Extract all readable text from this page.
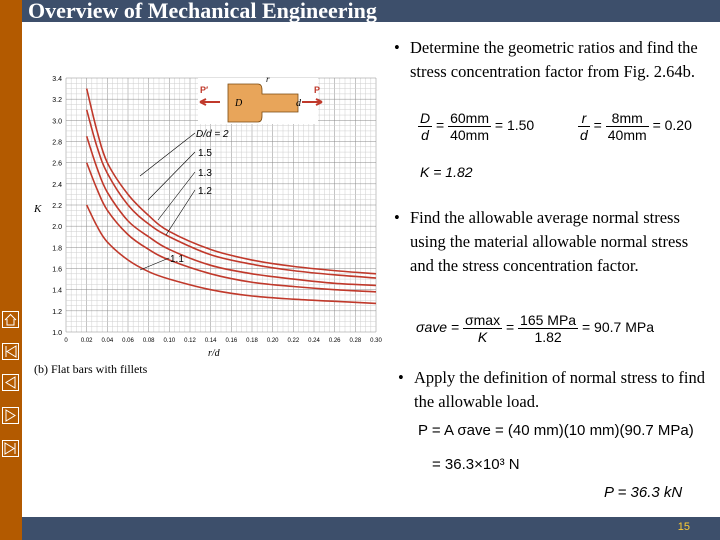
Overview of Mechanical Engineering
15
1.0
1.2
1.4
1.6
1.8
2.0
2.2
2.4
2.6
2.8
3.0
3.2
3.4
0 0.02 0.04 0.06 0.08 0.10 0.12 0.14 0.16 0.18 0.20 0.22 0.24 0.26 0.28 0.30
K
r/d
(b) Flat bars with fillets
P′	P
r
D	d
D/d = 2
1.5
1.3
1.2
1.1
• Determine the geometric ratios and find the stress concentration factor from Fig. 2.64b.
$\frac{D}{d} = \frac{60mm}{40mm} = 1.50$	$\frac{r}{d} = \frac{8mm}{40mm} = 0.20$
K = 1.82
• Find the allowable average normal stress using the material allowable normal stress and the stress concentration factor.
$\sigma ave = \frac{\sigma\max}{K} = \frac{\text{165 MPa}}{1.82} = 90.7$ MPa
• Apply the definition of normal stress to find the allowable load.
P = A σave = (40 mm)(10 mm)(90.7 MPa)
= 36.3×10³ N
P = 36.3 kN
